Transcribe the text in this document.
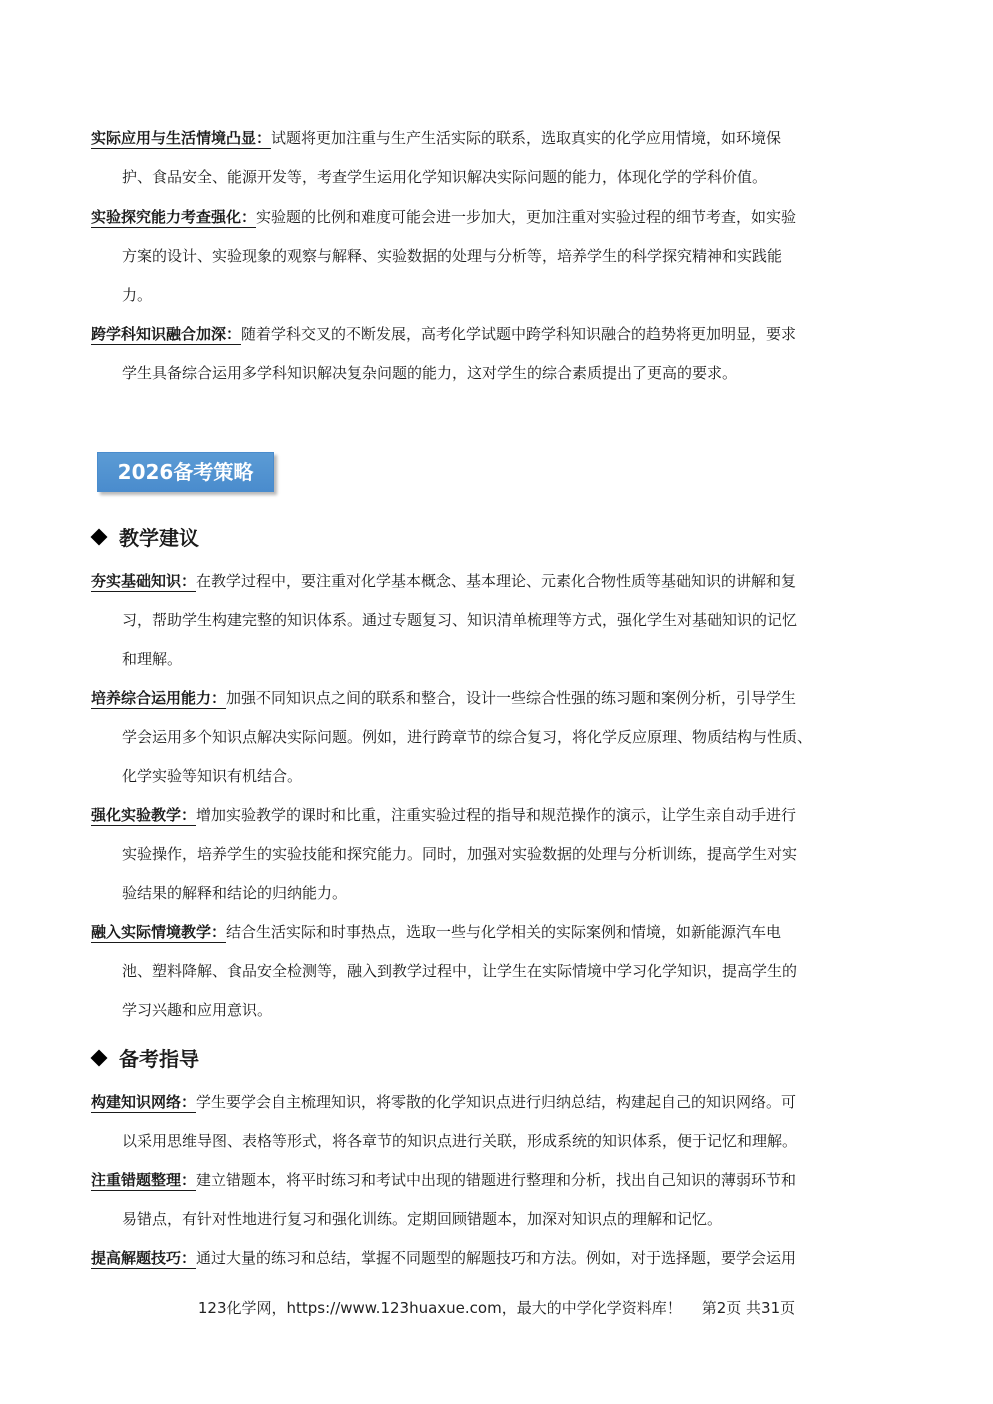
实际应用与生活情境凸显：试题将更加注重与生产生活实际的联系，选取真实的化学应用情境，如环境保
护、食品安全、能源开发等，考查学生运用化学知识解决实际问题的能力，体现化学的学科价值。
实验探究能力考查强化：实验题的比例和难度可能会进一步加大，更加注重对实验过程的细节考查，如实验
方案的设计、实验现象的观察与解释、实验数据的处理与分析等，培养学生的科学探究精神和实践能
力。
跨学科知识融合加深：随着学科交叉的不断发展，高考化学试题中跨学科知识融合的趋势将更加明显，要求
学生具备综合运用多学科知识解决复杂问题的能力，这对学生的综合素质提出了更高的要求。
2026备考策略
教学建议
夯实基础知识：在教学过程中，要注重对化学基本概念、基本理论、元素化合物性质等基础知识的讲解和复
习，帮助学生构建完整的知识体系。通过专题复习、知识清单梳理等方式，强化学生对基础知识的记忆
和理解。
培养综合运用能力：加强不同知识点之间的联系和整合，设计一些综合性强的练习题和案例分析，引导学生
学会运用多个知识点解决实际问题。例如，进行跨章节的综合复习，将化学反应原理、物质结构与性质、
化学实验等知识有机结合。
强化实验教学：增加实验教学的课时和比重，注重实验过程的指导和规范操作的演示，让学生亲自动手进行
实验操作，培养学生的实验技能和探究能力。同时，加强对实验数据的处理与分析训练，提高学生对实
验结果的解释和结论的归纳能力。
融入实际情境教学：结合生活实际和时事热点，选取一些与化学相关的实际案例和情境，如新能源汽车电
池、塑料降解、食品安全检测等，融入到教学过程中，让学生在实际情境中学习化学知识，提高学生的
学习兴趣和应用意识。
备考指导
构建知识网络：学生要学会自主梳理知识，将零散的化学知识点进行归纳总结，构建起自己的知识网络。可
以采用思维导图、表格等形式，将各章节的知识点进行关联，形成系统的知识体系，便于记忆和理解。
注重错题整理：建立错题本，将平时练习和考试中出现的错题进行整理和分析，找出自己知识的薄弱环节和
易错点，有针对性地进行复习和强化训练。定期回顾错题本，加深对知识点的理解和记忆。
提高解题技巧：通过大量的练习和总结，掌握不同题型的解题技巧和方法。例如，对于选择题，要学会运用
123化学网，https://www.123huaxue.com，最大的中学化学资料库！ 第2页 共31页
